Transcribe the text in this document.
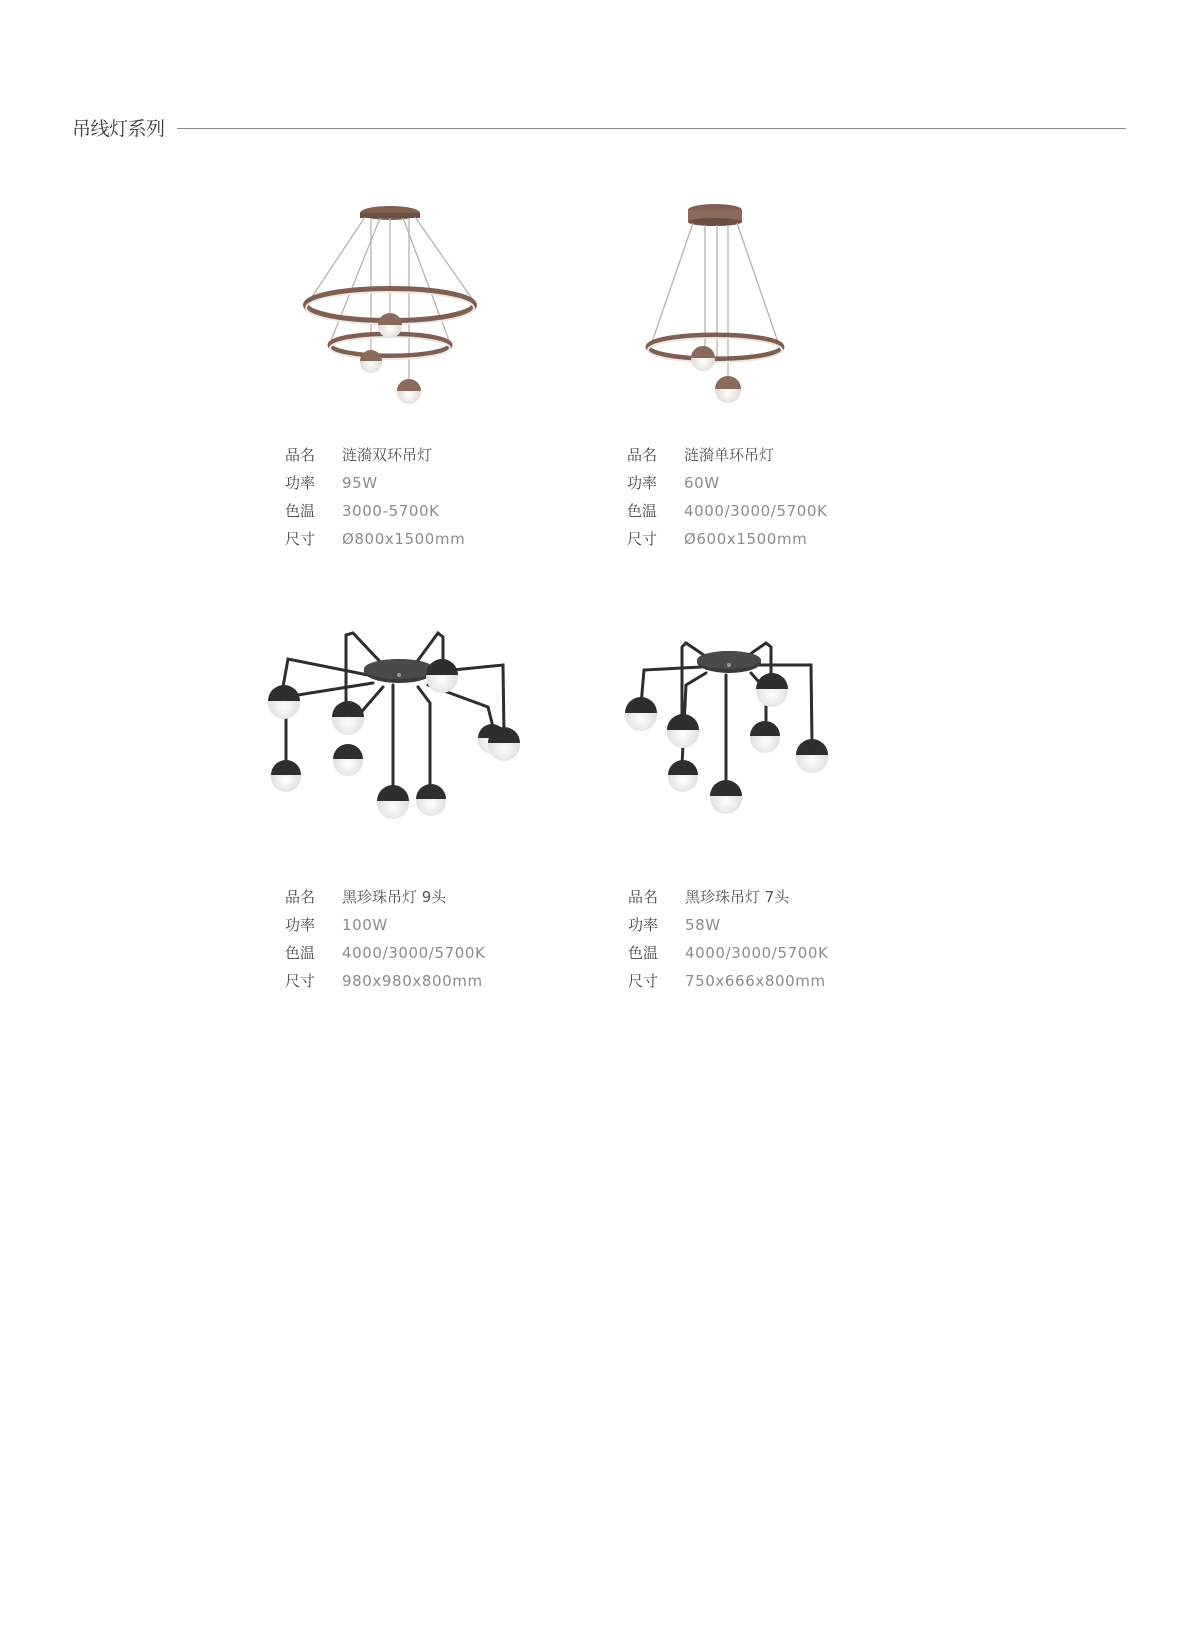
吊线灯系列
品名 涟漪双环吊灯
功率 95W
色温 3000-5700K
尺寸 Ø800x1500mm
品名 涟漪单环吊灯
功率 60W
色温 4000/3000/5700K
尺寸 Ø600x1500mm
品名 黑珍珠吊灯 9头
功率 100W
色温 4000/3000/5700K
尺寸 980x980x800mm
品名 黑珍珠吊灯 7头
功率 58W
色温 4000/3000/5700K
尺寸 750x666x800mm
